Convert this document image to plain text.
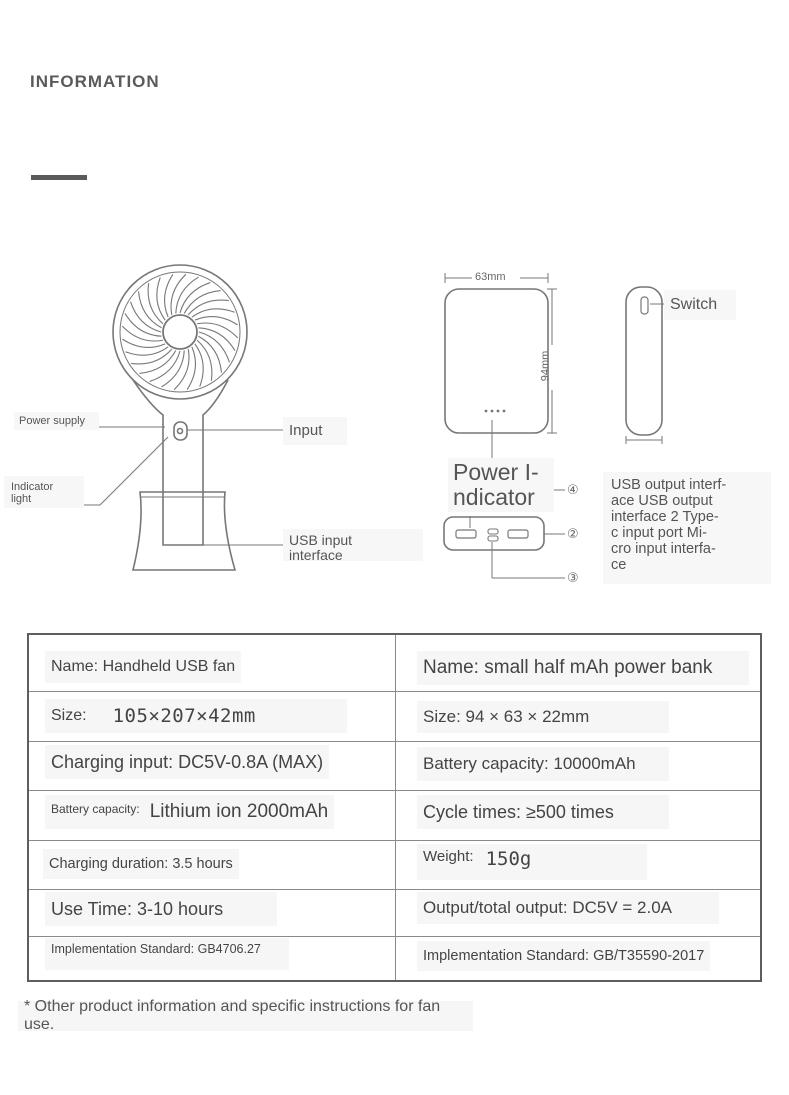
INFORMATION
Power supply
Input
Indicator
light
USB input
interface
63mm
94mm
Switch
Power I-
ndicator	④
②
③
USB output interf-
ace USB output
interface 2 Type-
c input port Mi-
cro input interfa-
ce
Name: Handheld USB fan
Size: 105×207×42mm
Charging input: DC5V-0.8A (MAX)
Battery capacity: Lithium ion 2000mAh
Charging duration: 3.5 hours
Use Time: 3-10 hours
Implementation Standard: GB4706.27
Name: small half mAh power bank
Size: 94 × 63 × 22mm
Battery capacity: 10000mAh
Cycle times: ≥500 times
Weight: 150g
Output/total output: DC5V = 2.0A
Implementation Standard: GB/T35590-2017
* Other product information and specific instructions for fan use.
